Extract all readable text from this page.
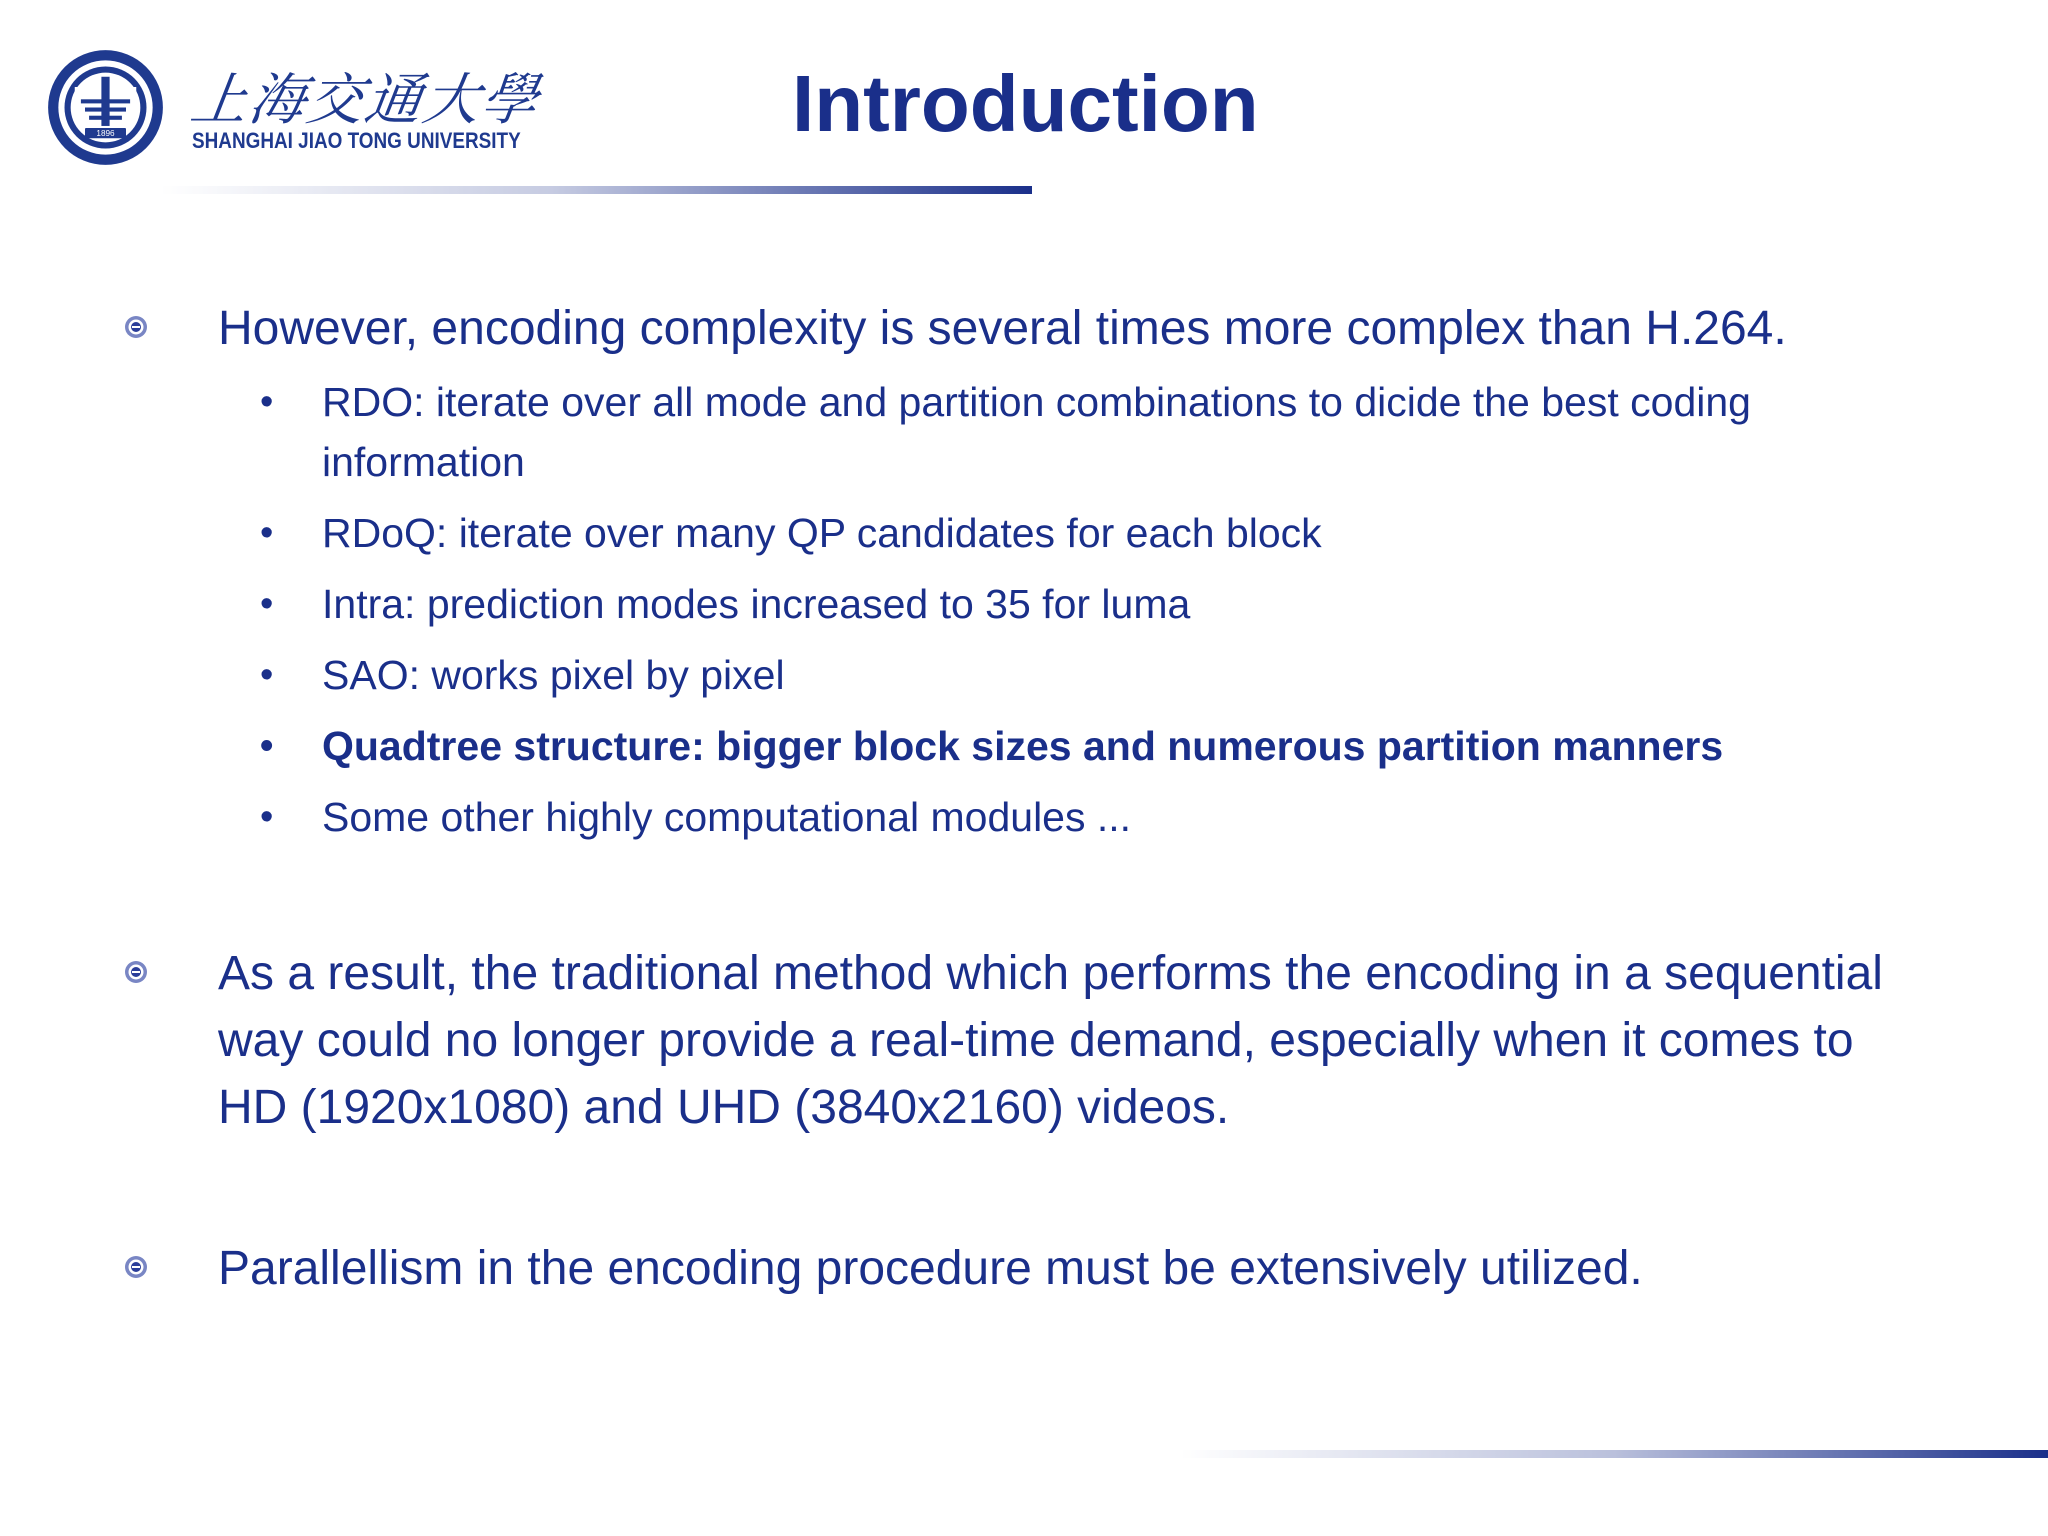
1896
上海交通大學
SHANGHAI JIAO TONG UNIVERSITY	Introduction
However, encoding complexity is several times more complex than H.264.
• RDO: iterate over all mode and partition combinations to dicide the best coding information
• RDoQ: iterate over many QP candidates for each block
• Intra: prediction modes increased to 35 for luma
• SAO: works pixel by pixel
• Quadtree structure: bigger block sizes and numerous partition manners
• Some other highly computational modules ...
As a result, the traditional method which performs the encoding in a sequential way could no longer provide a real-time demand, especially when it comes to HD (1920x1080) and UHD (3840x2160) videos.
Parallellism in the encoding procedure must be extensively utilized.
